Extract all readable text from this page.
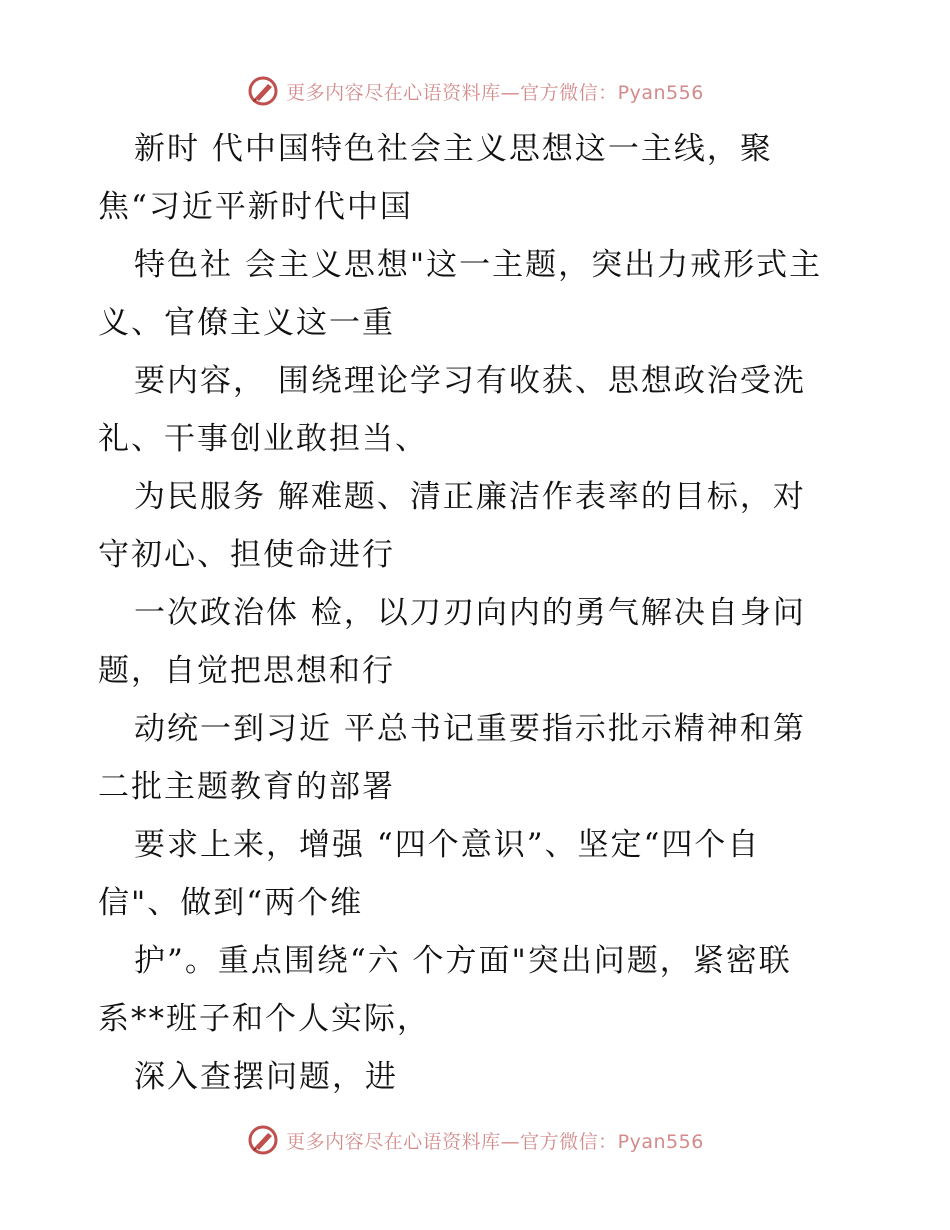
更多内容尽在心语资料库—官方微信：Pyan556
新时 代中国特色社会主义思想这一主线，聚
焦“习近平新时代中国
特色社 会主义思想"这一主题，突出力戒形式主
义、官僚主义这一重
要内容， 围绕理论学习有收获、思想政治受洗
礼、干事创业敢担当、
为民服务 解难题、清正廉洁作表率的目标，对
守初心、担使命进行
一次政治体 检，以刀刃向内的勇气解决自身问
题，自觉把思想和行
动统一到习近 平总书记重要指示批示精神和第
二批主题教育的部署
要求上来，增强 “四个意识”、坚定“四个自
信"、做到“两个维
护”。重点围绕“六 个方面"突出问题，紧密联
系**班子和个人实际，
深入查摆问题，进
更多内容尽在心语资料库—官方微信：Pyan556
